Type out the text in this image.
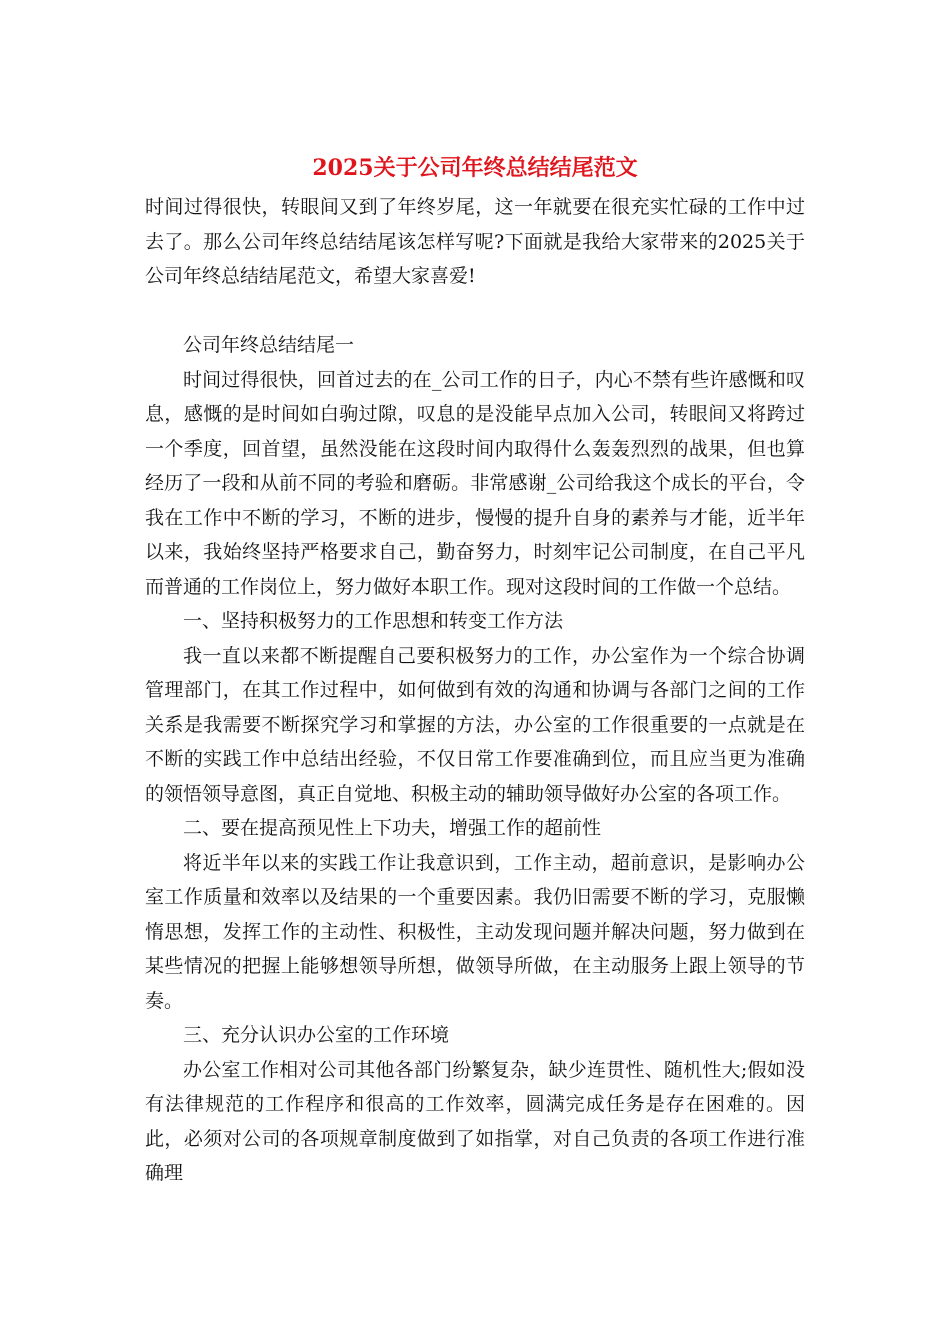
2025关于公司年终总结结尾范文

时间过得很快，转眼间又到了年终岁尾，这一年就要在很充实忙碌的工作中过去了。那么公司年终总结结尾该怎样写呢?下面就是我给大家带来的2025关于公司年终总结结尾范文，希望大家喜爱!

公司年终总结结尾一

时间过得很快，回首过去的在_公司工作的日子，内心不禁有些许感慨和叹息，感慨的是时间如白驹过隙，叹息的是没能早点加入公司，转眼间又将跨过一个季度，回首望，虽然没能在这段时间内取得什么轰轰烈烈的战果，但也算经历了一段和从前不同的考验和磨砺。非常感谢_公司给我这个成长的平台，令我在工作中不断的学习，不断的进步，慢慢的提升自身的素养与才能，近半年以来，我始终坚持严格要求自己，勤奋努力，时刻牢记公司制度，在自己平凡而普通的工作岗位上，努力做好本职工作。现对这段时间的工作做一个总结。

一、坚持积极努力的工作思想和转变工作方法

我一直以来都不断提醒自己要积极努力的工作，办公室作为一个综合协调管理部门，在其工作过程中，如何做到有效的沟通和协调与各部门之间的工作关系是我需要不断探究学习和掌握的方法，办公室的工作很重要的一点就是在不断的实践工作中总结出经验，不仅日常工作要准确到位，而且应当更为准确的领悟领导意图，真正自觉地、积极主动的辅助领导做好办公室的各项工作。

二、要在提高预见性上下功夫，增强工作的超前性

将近半年以来的实践工作让我意识到，工作主动，超前意识，是影响办公室工作质量和效率以及结果的一个重要因素。我仍旧需要不断的学习，克服懒惰思想，发挥工作的主动性、积极性，主动发现问题并解决问题，努力做到在某些情况的把握上能够想领导所想，做领导所做，在主动服务上跟上领导的节奏。

三、充分认识办公室的工作环境

办公室工作相对公司其他各部门纷繁复杂，缺少连贯性、随机性大;假如没有法律规范的工作程序和很高的工作效率，圆满完成任务是存在困难的。因此，必须对公司的各项规章制度做到了如指掌，对自己负责的各项工作进行准确理
